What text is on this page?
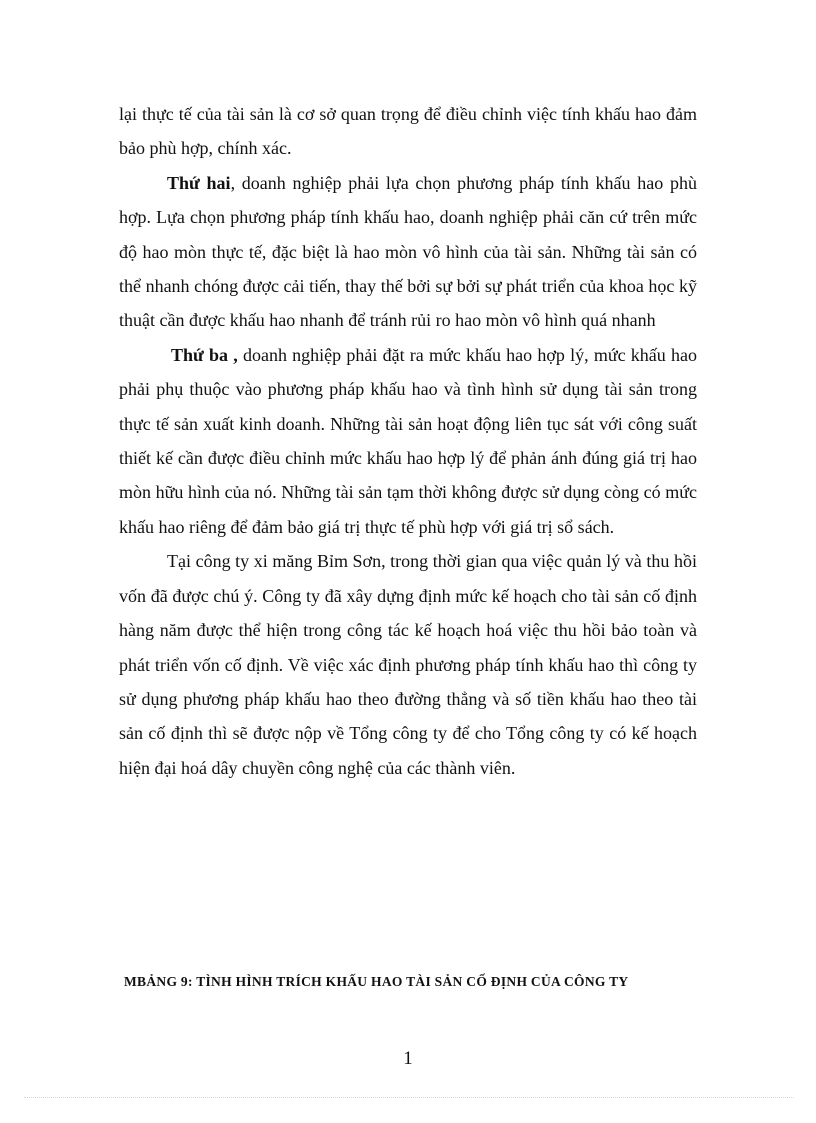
lại thực tế của tài sản là cơ sở quan trọng để điều chỉnh việc tính khấu hao đảm bảo phù hợp, chính xác.

Thứ hai, doanh nghiệp phải lựa chọn phương pháp tính khấu hao phù hợp. Lựa chọn phương pháp tính khấu hao, doanh nghiệp phải căn cứ trên mức độ hao mòn thực tế, đặc biệt là hao mòn vô hình của tài sản. Những tài sản có thể nhanh chóng được cải tiến, thay thế bởi sự bởi sự phát triển của khoa học kỹ thuật cần được khấu hao nhanh để tránh rủi ro hao mòn vô hình quá nhanh

Thứ ba , doanh nghiệp phải đặt ra mức khấu hao hợp lý, mức khấu hao phải phụ thuộc vào phương pháp khấu hao và tình hình sử dụng tài sản trong thực tế sản xuất kinh doanh. Những tài sản hoạt động liên tục sát với công suất thiết kế cần được điều chỉnh mức khấu hao hợp lý để phản ánh đúng giá trị hao mòn hữu hình của nó. Những tài sản tạm thời không được sử dụng còng có mức khấu hao riêng để đảm bảo giá trị thực tế phù hợp với giá trị sổ sách.

Tại công ty xi măng Bỉm Sơn, trong thời gian qua việc quản lý và thu hồi vốn đã được chú ý. Công ty đã xây dựng định mức kế hoạch cho tài sản cố định hàng năm được thể hiện trong công tác kế hoạch hoá việc thu hồi bảo toàn và phát triển vốn cố định. Về việc xác định phương pháp tính khấu hao thì công ty sử dụng phương pháp khấu hao theo đường thẳng và số tiền khấu hao theo tài sản cố định thì sẽ được nộp về Tổng công ty để cho Tổng công ty có kế hoạch hiện đại hoá dây chuyền công nghệ của các thành viên.

MBẢNG 9: TÌNH HÌNH TRÍCH KHẤU HAO TÀI SẢN CỐ ĐỊNH CỦA CÔNG TY
1
